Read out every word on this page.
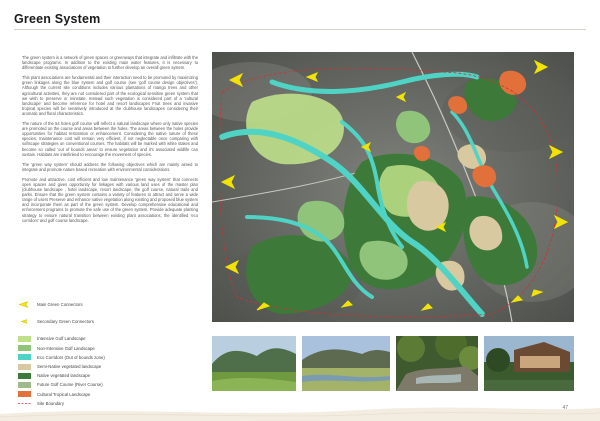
Green System

The green system is a network of green spaces or greenways that integrate and infiltrate with the landscape programs. In addition to the existing main water features, it is necessary to differentiate existing associations of vegetation to further develop an overall green system.

This plant associations are fundamental and their interaction need to be promoted by maximizing green linkages along the blue system and golf course (see 'golf course design objectives'). Although the current site conditions includes various plantations of mango trees and other agricultural activities, they are not considered part of the ecological sensitive green system that we wish to preserve or reinstate. Instead such vegetation is considered part of a 'cultural landscape' and become reference for hotel and resort landscapes Fruit trees and invasive tropical species will be sensitively introduced at the clubhouse landscapes considering their aromatic and floral characteristics.

The nature of the 54 holes golf course will reflect a natural landscape where only native species are promoted on the course and areas between the holes. The areas between the holes provide opportunities for habitat restoration or enhancement. Considering the native nature of these species, maintenance cost will remain very efficient, if not neglectable once comparing with softscape strategies on conventional courses. The habitats will be marked with white stakes and become so called 'out of bounds areas' to ensure vegetation and it's associated wildlife can sustain. Habitats are interlinked to encourage the movement of species.

The 'green way system' should address the following objectives which are mainly aimed to integrate and promote nature based recreation with environmental considerations.

Promote and attractive, cost efficient and low maintenance 'green way system' that connects open spaces and gives opportunity for linkages with various land uses of the master plan (clubhouse landscape , hotel landscape, resort landscape, the golf course, natural trails and parks. Ensure that the green system contains a variety of features to attract and serve a wide range of users Preserve and enhance native vegetation along existing and proposed blue system and incorporate them as part of the green system. Develop comprehensive educational and enforcement programs to promote the safe use of the green system. Provide adequate planting strategy to ensure natural transition between existing plant associations; the identified 'eco corridors' and golf course landscape.

Main Green Connectors
Secondary Green Connectors
Intensive Golf Landscape
Non-Intensive Golf Landscape
Eco Corridors (Out of bounds zone)
Semi-Native vegetated landscape
Native vegetated landscape
Future Golf Course (River Course)
Cultural Tropical Landscape
Site Boundary
47
